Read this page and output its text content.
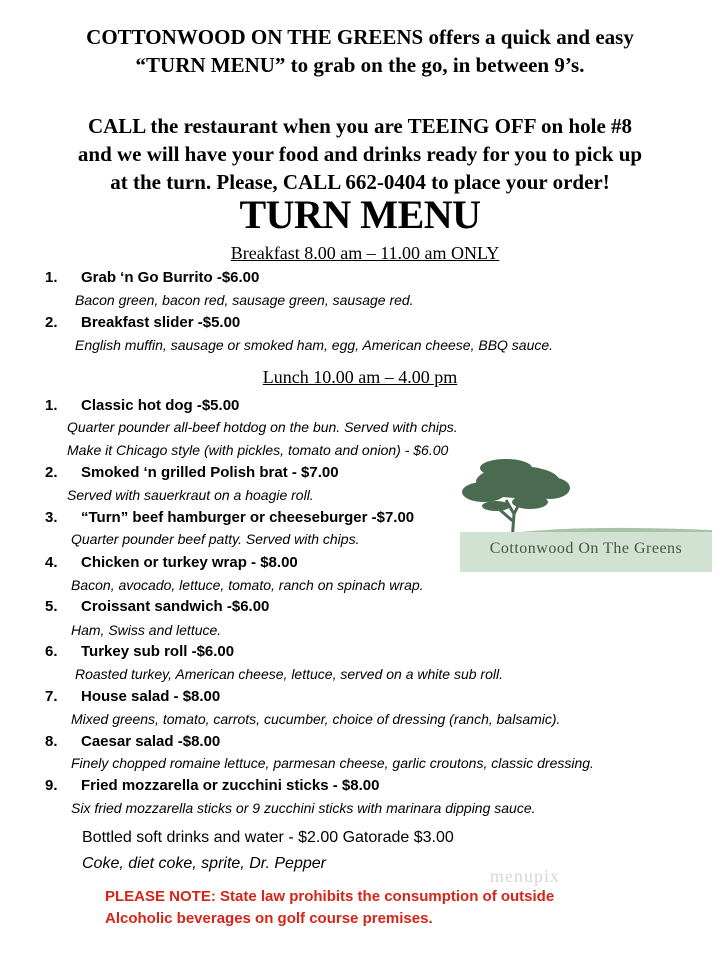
COTTONWOOD ON THE GREENS offers a quick and easy
“TURN MENU” to grab on the go, in between 9’s.
CALL the restaurant when you are TEEING OFF on hole #8
and we will have your food and drinks ready for you to pick up
at the turn. Please, CALL 662-0404 to place your order!
TURN MENU
Breakfast 8.00 am – 11.00 am ONLY
1. Grab ‘n Go Burrito -$6.00
Bacon green, bacon red, sausage green, sausage red.
2. Breakfast slider -$5.00
English muffin, sausage or smoked ham, egg, American cheese, BBQ sauce.
Lunch 10.00 am – 4.00 pm
1. Classic hot dog -$5.00
Quarter pounder all-beef hotdog on the bun. Served with chips.
Make it Chicago style (with pickles, tomato and onion) - $6.00
2. Smoked ‘n grilled Polish brat - $7.00
Served with sauerkraut on a hoagie roll.
3. “Turn” beef hamburger or cheeseburger -$7.00
Quarter pounder beef patty. Served with chips.
4. Chicken or turkey wrap - $8.00
Bacon, avocado, lettuce, tomato, ranch on spinach wrap.
5. Croissant sandwich -$6.00
Ham, Swiss and lettuce.
6. Turkey sub roll -$6.00
Roasted turkey, American cheese, lettuce, served on a white sub roll.
7. House salad - $8.00
Mixed greens, tomato, carrots, cucumber, choice of dressing (ranch, balsamic).
8. Caesar salad -$8.00
Finely chopped romaine lettuce, parmesan cheese, garlic croutons, classic dressing.
9. Fried mozzarella or zucchini sticks - $8.00
Six fried mozzarella sticks or 9 zucchini sticks with marinara dipping sauce.
Bottled soft drinks and water - $2.00 Gatorade $3.00
Coke, diet coke, sprite, Dr. Pepper
PLEASE NOTE: State law prohibits the consumption of outside
Alcoholic beverages on golf course premises.
Cottonwood On The Greens
menupix
